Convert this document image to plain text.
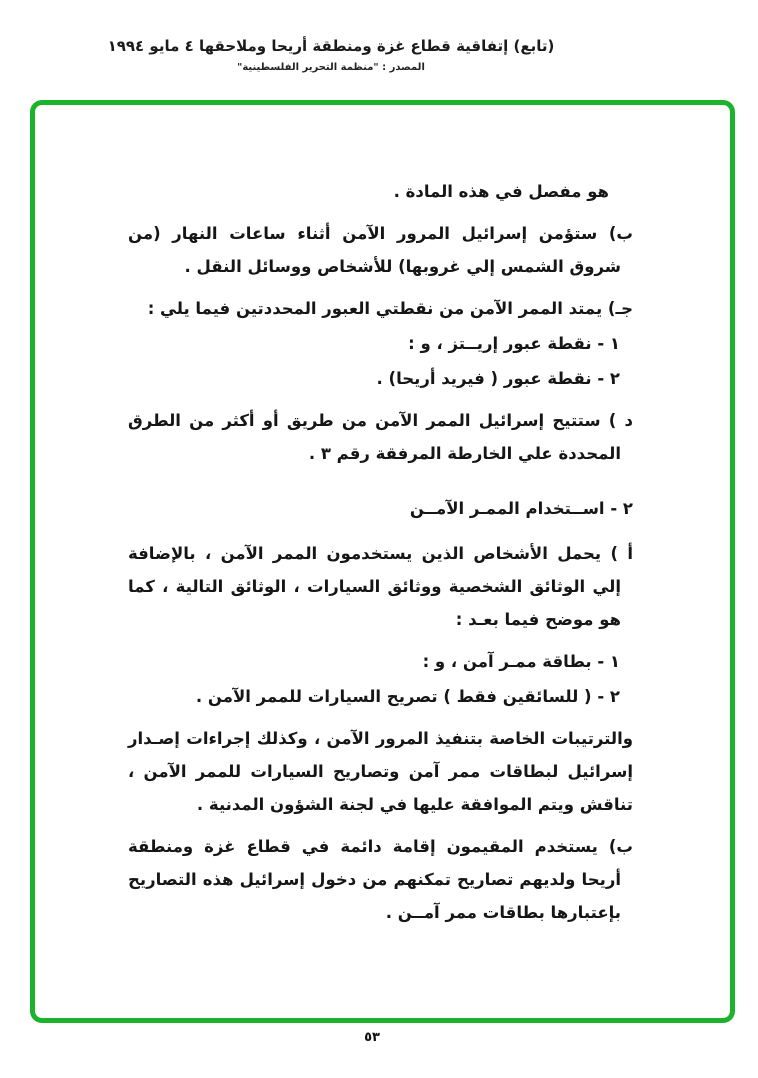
(تابع) إتفاقية قطاع غزة ومنطقة أريحا وملاحقها ٤ مايو ١٩٩٤
المصدر : "منظمة التحرير الفلسطينية"

هو مفصل في هذه المادة .

ب) ستؤمن إسرائيل المرور الآمن أثناء ساعات النهار (من شروق الشمس إلي غروبها) للأشخاص ووسائل النقل .

جـ) يمتد الممر الآمن من نقطتي العبور المحددتين فيما يلي :

١ - نقطة عبور إريــتز ، و :

٢ - نقطة عبور ( فيريد أريحا) .

د ) ستتيح إسرائيل الممر الآمن من طريق أو أكثر من الطرق المحددة علي الخارطة المرفقة رقم ٣ .

٢ - اســتخدام الممـر الآمــن

أ ) يحمل الأشخاص الذين يستخدمون الممر الآمن ، بالإضافة إلي الوثائق الشخصية ووثائق السيارات ، الوثائق التالية ، كما هو موضح فيما بعـد :

١ - بطاقة ممـر آمن ، و :

٢ - ( للسائقين فقط ) تصريح السيارات للممر الآمن .

والترتيبات الخاصة بتنفيذ المرور الآمن ، وكذلك إجراءات إصـدار إسرائيل لبطاقات ممر آمن وتصاريح السيارات للممر الآمن ، تناقش ويتم الموافقة عليها في لجنة الشؤون المدنية .

ب) يستخدم المقيمون إقامة دائمة في قطاع غزة ومنطقة أريحا ولديهم تصاريح تمكنهم من دخول إسرائيل هذه التصاريح بإعتبارها بطاقات ممر آمــن .

٥٣
